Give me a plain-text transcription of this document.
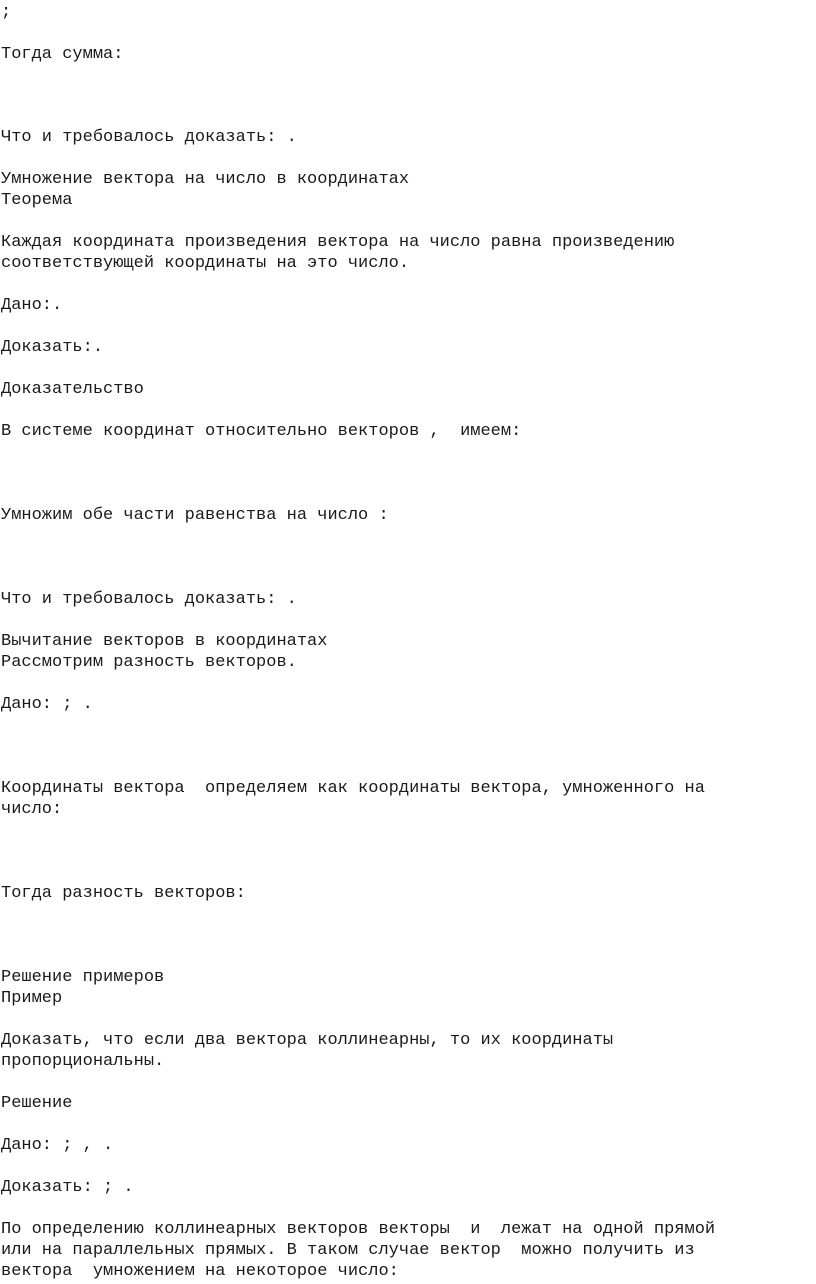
;
Тогда сумма:
Что и требовалось доказать: .
Умножение вектора на число в координатах
Теорема
Каждая координата произведения вектора на число равна произведению
соответствующей координаты на это число.
Дано:.
Доказать:.
Доказательство
В системе координат относительно векторов ,  имеем:
Умножим обе части равенства на число :
Что и требовалось доказать: .
Вычитание векторов в координатах
Рассмотрим разность векторов.
Дано: ; .
Координаты вектора  определяем как координаты вектора, умноженного на
число:
Тогда разность векторов:
Решение примеров
Пример
Доказать, что если два вектора коллинеарны, то их координаты
пропорциональны.
Решение
Дано: ; , .
Доказать: ; .
По определению коллинеарных векторов векторы  и  лежат на одной прямой
или на параллельных прямых. В таком случае вектор  можно получить из
вектора  умножением на некоторое число:
